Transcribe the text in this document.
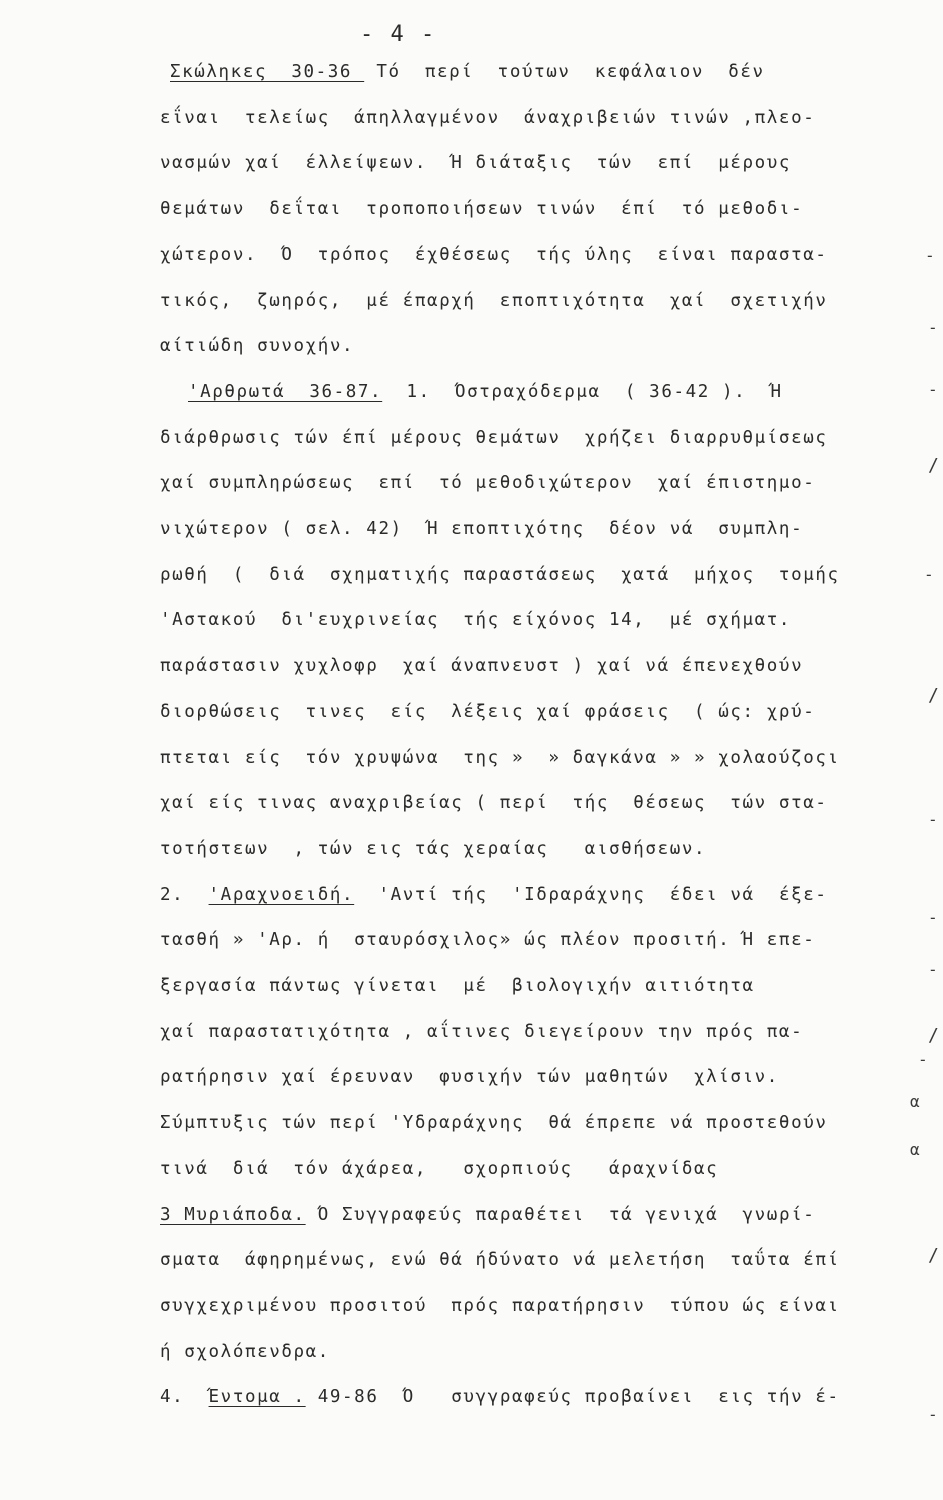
- 4 -
Σκώληκες  30-36  Τό  περί  τούτων  κεφάλαιον  δέν
εΐναι  τελείως  άπηλλαγμένον  άναχριβειών τινών ,πλεο-
νασμών χαί  έλλείψεων.  Ή διάταξις  τών  επί  μέρους
θεμάτων  δεΐται  τροποποιήσεων τινών  έπί  τό μεθοδι-
χώτερον.  Ό  τρόπος  έχθέσεως  τής ύλης  είναι παραστα-
τικός,  ζωηρός,  μέ έπαρχή  εποπτιχότητα  χαί  σχετιχήν
αίτιώδη συνοχήν.
'Αρθρωτά  36-87.  1.  Όστραχόδερμα  ( 36-42 ).  Ή
διάρθρωσις τών έπί μέρους θεμάτων  χρήζει διαρρυθμίσεως
χαί συμπληρώσεως  επί  τό μεθοδιχώτερον  χαί έπιστημο-
νιχώτερον ( σελ. 42)  Ή εποπτιχότης  δέον νά  συμπλη-
ρωθή  (  διά  σχηματιχής παραστάσεως  χατά  μήχος  τομής
'Αστακού  δι'ευχρινείας  τής είχόνος 14,  μέ σχήματ.
παράστασιν χυχλοφρ  χαί άναπνευστ ) χαί νά έπενεχθούν
διορθώσεις  τινες  είς  λέξεις χαί φράσεις  ( ώς: χρύ-
πτεται είς  τόν χρυψώνα  της »  » δαγκάνα » » χολαούζοςι
χαί είς τινας αναχριβείας ( περί  τής  θέσεως  τών στα-
τοτήστεων  , τών εις τάς χεραίας   αισθήσεων.
2.  'Αραχνοειδή.  'Αντί τής  'Ιδραράχνης  έδει νά  έξε-
τασθή » 'Αρ. ή  σταυρόσχιλος» ώς πλέον προσιτή. Ή επε-
ξεργασία πάντως γίνεται  μέ  βιολογιχήν αιτιότητα
χαί παραστατιχότητα , αΐτινες διεγείρουν την πρός πα-
ρατήρησιν χαί έρευναν  φυσιχήν τών μαθητών  χλίσιν.
Σύμπτυξις τών περί 'Υδραράχνης  θά έπρεπε νά προστεθούν
τινά  διά  τόν άχάρεα,   σχορπιούς   άραχνίδας
3 Μυριάποδα. Ό Συγγραφεύς παραθέτει  τά γενιχά  γνωρί-
σματα  άφηρημένως, ενώ θά ήδύνατο νά μελετήση  ταΰτα έπί
συγχεχριμένου προσιτού  πρός παρατήρησιν  τύπου ώς είναι
ή σχολόπενδρα.
4.  Έντομα . 49-86  Ό   συγγραφεύς προβαίνει  εις τήν έ-
-
-
-
/
-
/
-
-
-
/
-
α
α
/
-
